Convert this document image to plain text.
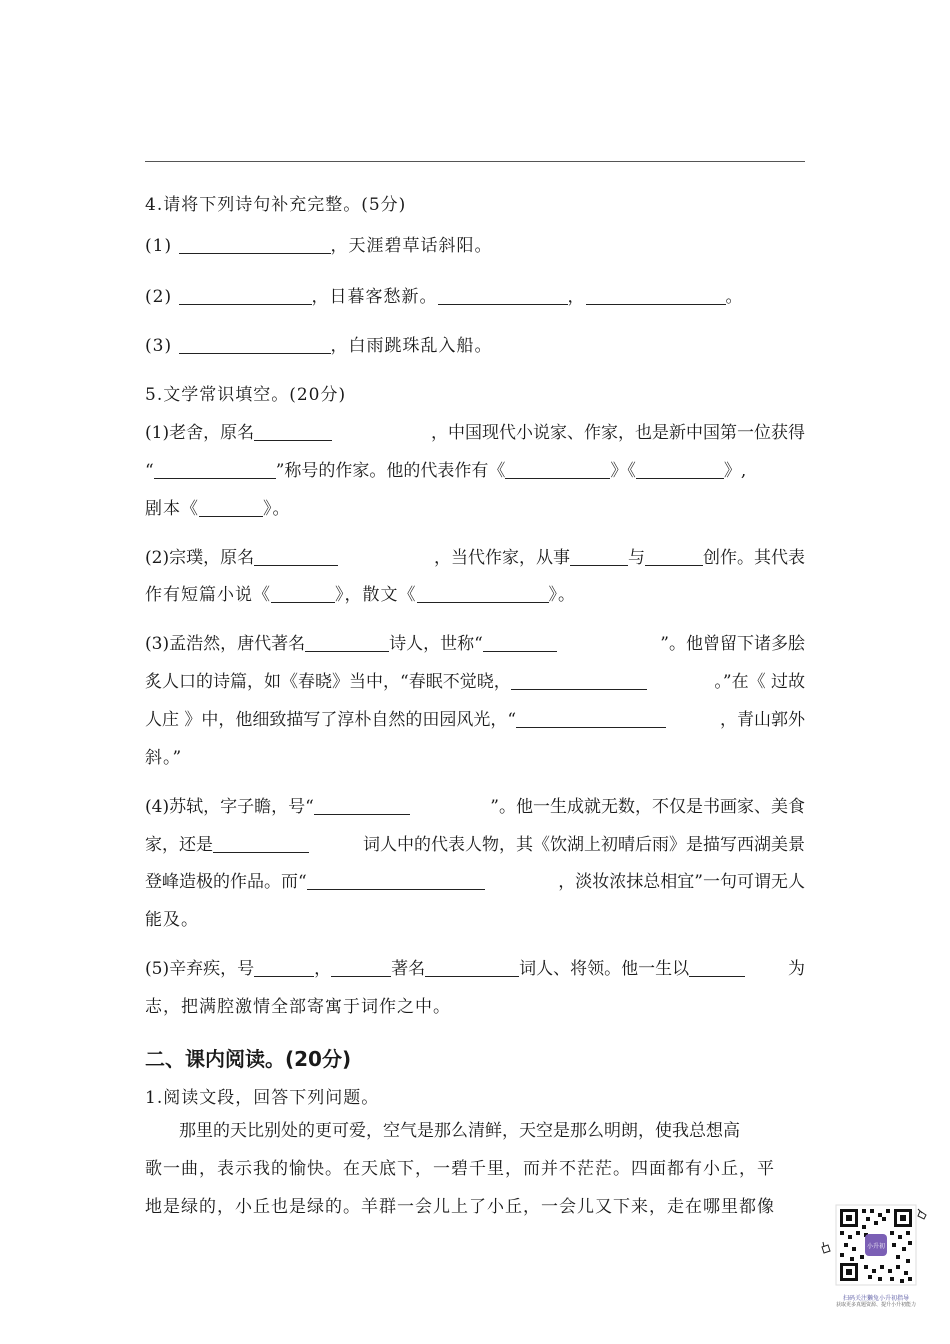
4.请将下列诗句补充完整。(5分)
(1)	，天涯碧草话斜阳。
(2)	，日暮客愁新。	，	。
(3)	，白雨跳珠乱入船。
5.文学常识填空。(20分)
(1)老舍，原名	，中国现代小说家、作家，也是新中国第一位获得
“	”称号的作家。他的代表作有《	》《	》,
剧本《	》。
(2)宗璞，原名	，当代作家，从事	与	创作。其代表
作有短篇小说《	》，散文《	》。
(3)孟浩然，唐代著名	诗人，世称“	”。他曾留下诸多脍
炙人口的诗篇，如《春晓》当中，“春眠不觉晓，	。”在《 过故
人庄 》中，他细致描写了淳朴自然的田园风光，“	，青山郭外
斜。”
(4)苏轼，字子瞻，号“	”。他一生成就无数，不仅是书画家、美食
家，还是	词人中的代表人物，其《饮湖上初晴后雨》是描写西湖美景
登峰造极的作品。而“	，淡妆浓抹总相宜”一句可谓无人
能及。
(5)辛弃疾，号	，	著名	词人、将领。他一生以	为
志，把满腔激情全部寄寓于词作之中。
二、课内阅读。(20分)
1.阅读文段，回答下列问题。
那里的天比别处的更可爱，空气是那么清鲜，天空是那么明朗，使我总想高
歌一曲，表示我的愉快。在天底下，一碧千里，而并不茫茫。四面都有小丘，平
地是绿的，小丘也是绿的。羊群一会儿上了小丘，一会儿又下来，走在哪里都像
小升初
扫码关注獭兔小升初指导
获取更多真题资源、提升小升初能力
